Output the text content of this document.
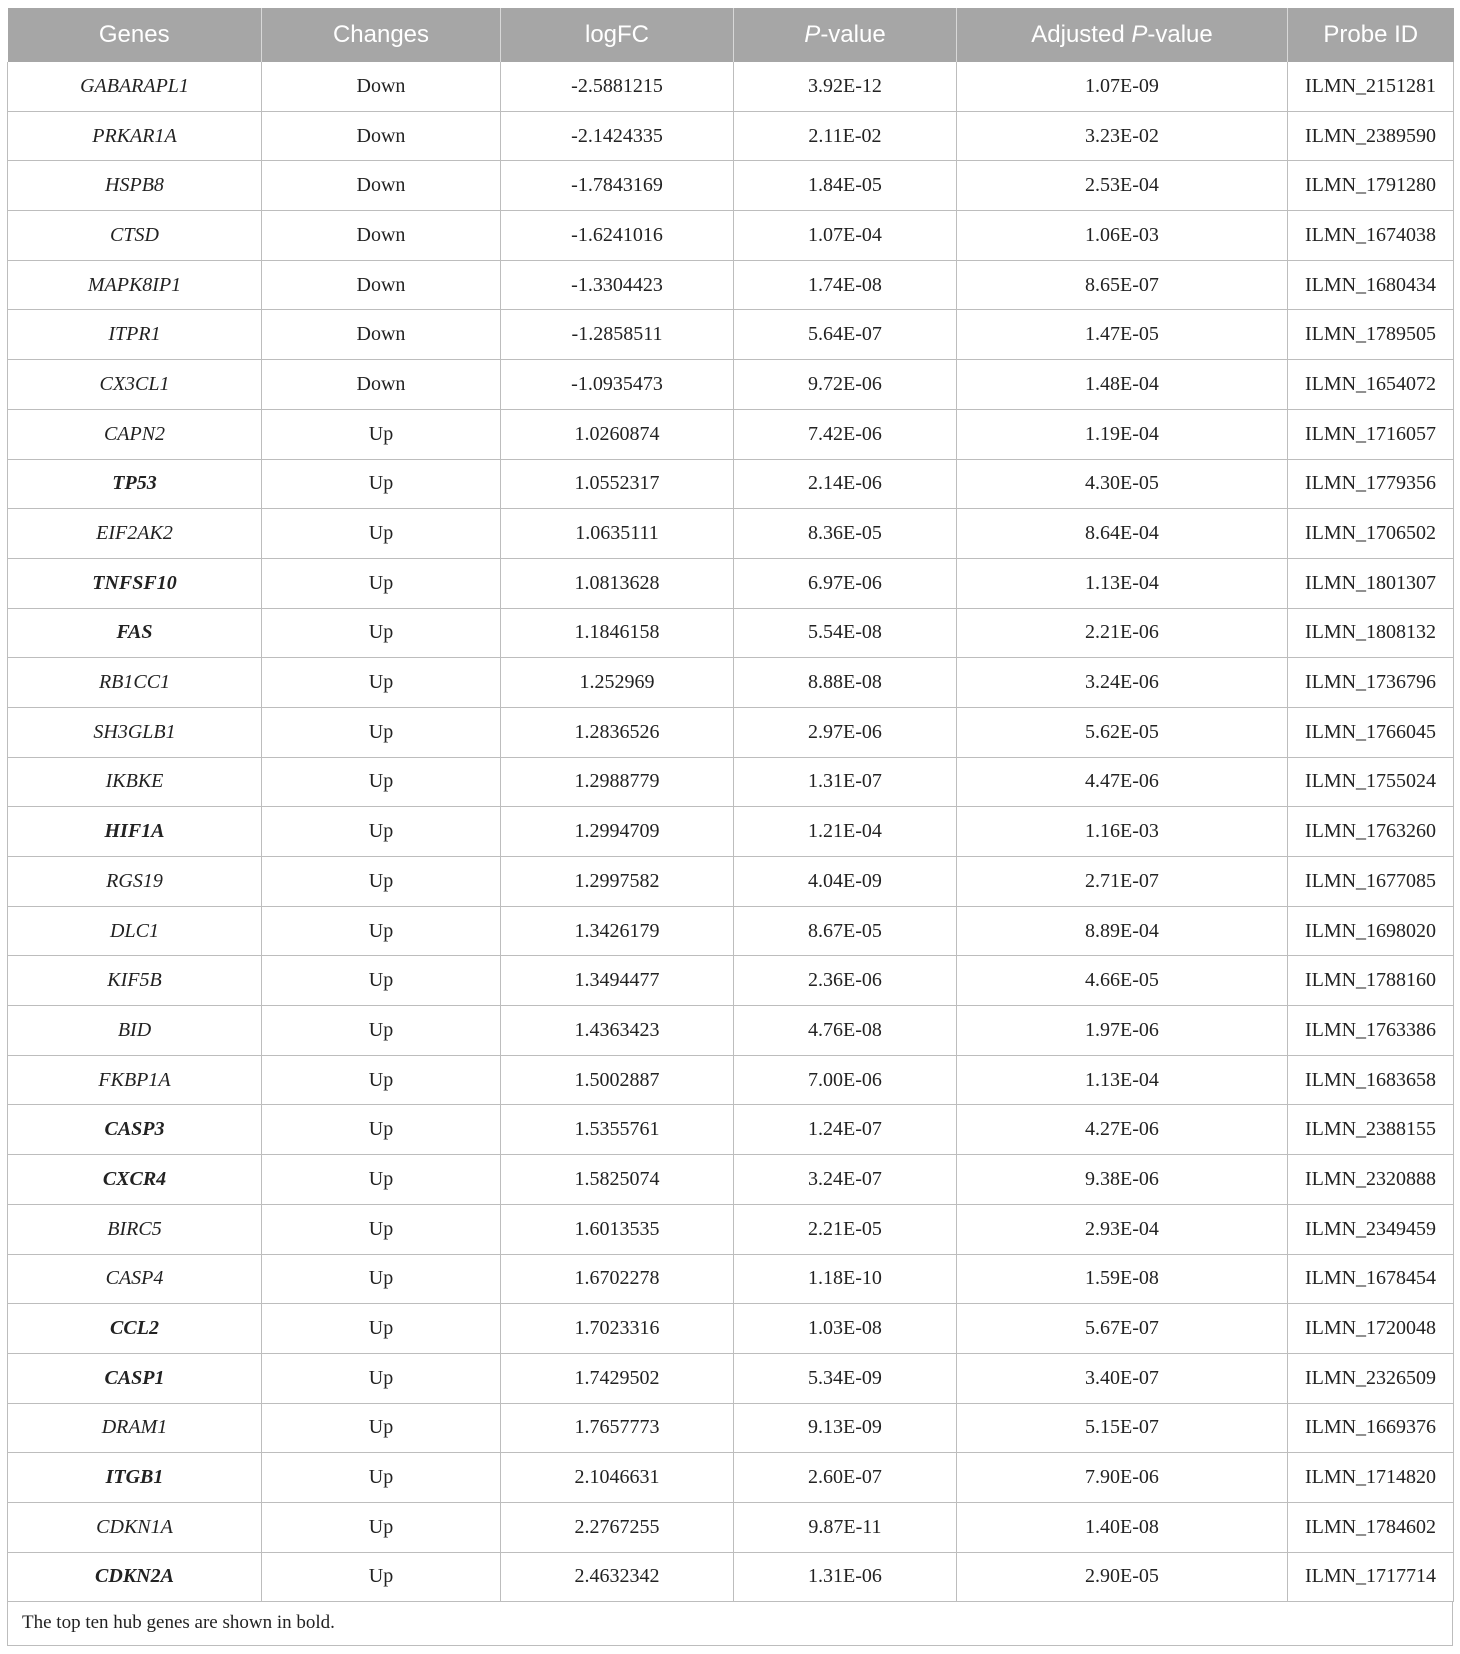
Genes	Changes	logFC	P-value	Adjusted P-value	Probe ID
GABARAPL1	Down	-2.5881215	3.92E-12	1.07E-09	ILMN_2151281
PRKAR1A	Down	-2.1424335	2.11E-02	3.23E-02	ILMN_2389590
HSPB8	Down	-1.7843169	1.84E-05	2.53E-04	ILMN_1791280
CTSD	Down	-1.6241016	1.07E-04	1.06E-03	ILMN_1674038
MAPK8IP1	Down	-1.3304423	1.74E-08	8.65E-07	ILMN_1680434
ITPR1	Down	-1.2858511	5.64E-07	1.47E-05	ILMN_1789505
CX3CL1	Down	-1.0935473	9.72E-06	1.48E-04	ILMN_1654072
CAPN2	Up	1.0260874	7.42E-06	1.19E-04	ILMN_1716057
TP53	Up	1.0552317	2.14E-06	4.30E-05	ILMN_1779356
EIF2AK2	Up	1.0635111	8.36E-05	8.64E-04	ILMN_1706502
TNFSF10	Up	1.0813628	6.97E-06	1.13E-04	ILMN_1801307
FAS	Up	1.1846158	5.54E-08	2.21E-06	ILMN_1808132
RB1CC1	Up	1.252969	8.88E-08	3.24E-06	ILMN_1736796
SH3GLB1	Up	1.2836526	2.97E-06	5.62E-05	ILMN_1766045
IKBKE	Up	1.2988779	1.31E-07	4.47E-06	ILMN_1755024
HIF1A	Up	1.2994709	1.21E-04	1.16E-03	ILMN_1763260
RGS19	Up	1.2997582	4.04E-09	2.71E-07	ILMN_1677085
DLC1	Up	1.3426179	8.67E-05	8.89E-04	ILMN_1698020
KIF5B	Up	1.3494477	2.36E-06	4.66E-05	ILMN_1788160
BID	Up	1.4363423	4.76E-08	1.97E-06	ILMN_1763386
FKBP1A	Up	1.5002887	7.00E-06	1.13E-04	ILMN_1683658
CASP3	Up	1.5355761	1.24E-07	4.27E-06	ILMN_2388155
CXCR4	Up	1.5825074	3.24E-07	9.38E-06	ILMN_2320888
BIRC5	Up	1.6013535	2.21E-05	2.93E-04	ILMN_2349459
CASP4	Up	1.6702278	1.18E-10	1.59E-08	ILMN_1678454
CCL2	Up	1.7023316	1.03E-08	5.67E-07	ILMN_1720048
CASP1	Up	1.7429502	5.34E-09	3.40E-07	ILMN_2326509
DRAM1	Up	1.7657773	9.13E-09	5.15E-07	ILMN_1669376
ITGB1	Up	2.1046631	2.60E-07	7.90E-06	ILMN_1714820
CDKN1A	Up	2.2767255	9.87E-11	1.40E-08	ILMN_1784602
CDKN2A	Up	2.4632342	1.31E-06	2.90E-05	ILMN_1717714
The top ten hub genes are shown in bold.
